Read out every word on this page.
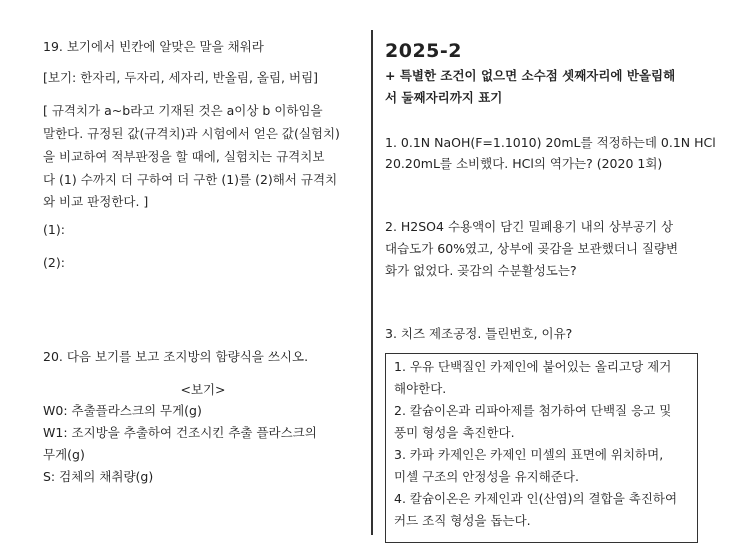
19. 보기에서 빈칸에 알맞은 말을 채워라
[보기: 한자리, 두자리, 세자리, 반올림, 올림, 버림]
[ 규격치가 a~b라고 기재된 것은 a이상 b 이하임을
말한다. 규정된 값(규격치)과 시험에서 얻은 값(실험치)
을 비교하여 적부판정을 할 때에, 실험치는 규격치보
다 (1) 수까지 더 구하여 더 구한 (1)를 (2)해서 규격치
와 비교 판정한다. ]
(1):
(2):
20. 다음 보기를 보고 조지방의 함량식을 쓰시오.
<보기>
W0: 추출플라스크의 무게(g)
W1: 조지방을 추출하여 건조시킨 추출 플라스크의
무게(g)
S: 검체의 채취량(g)
2025-2
+ 특별한 조건이 없으면 소수점 셋째자리에 반올림해
서 둘째자리까지 표기
1. 0.1N NaOH(F=1.1010) 20mL를 적정하는데 0.1N HCl
20.20mL를 소비했다. HCl의 역가는? (2020 1회)
2. H2SO4 수용액이 담긴 밀폐용기 내의 상부공기 상
대습도가 60%였고, 상부에 곶감을 보관했더니 질량변
화가 없었다. 곶감의 수분활성도는?
3. 치즈 제조공정. 틀린번호, 이유?
1. 우유 단백질인 카제인에 붙어있는 올리고당 제거
해야한다.
2. 칼슘이온과 리파아제를 첨가하여 단백질 응고 및
풍미 형성을 촉진한다.
3. 카파 카제인은 카제인 미셀의 표면에 위치하며,
미셀 구조의 안정성을 유지해준다.
4. 칼슘이온은 카제인과 인(산염)의 결합을 촉진하여
커드 조직 형성을 돕는다.
